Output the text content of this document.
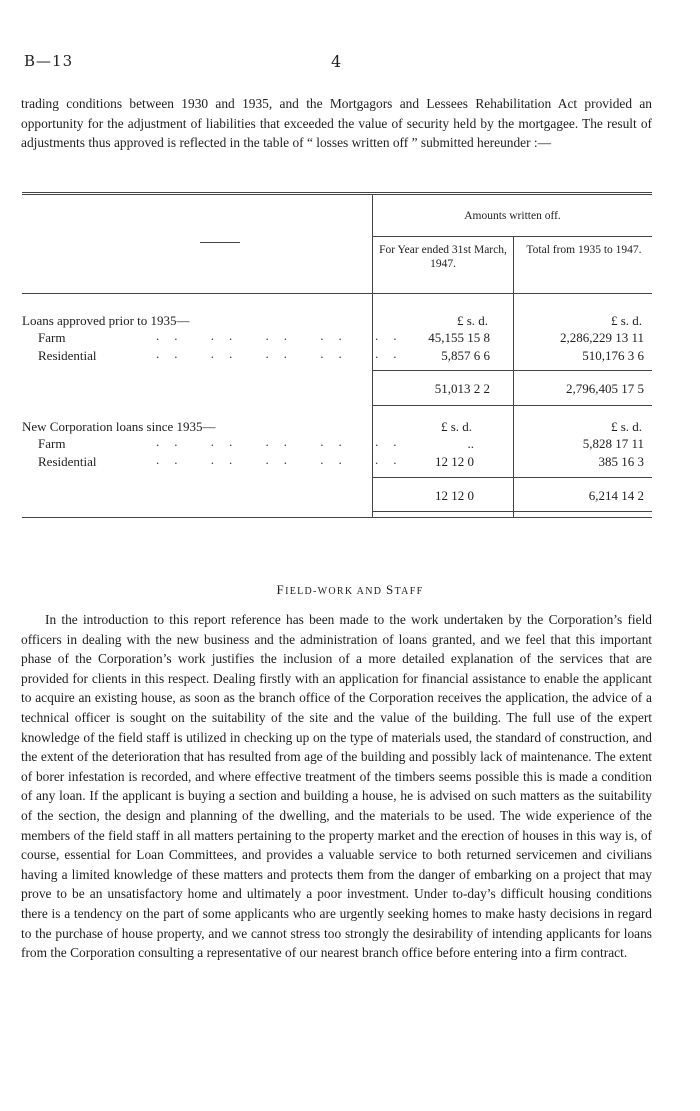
B—13	4
trading conditions between 1930 and 1935, and the Mortgagors and Lessees Rehabilitation Act provided an opportunity for the adjustment of liabilities that exceeded the value of security held by the mortgagee. The result of adjustments thus approved is reflected in the table of “ losses written off ” submitted hereunder :—
Amounts written off.
For Year ended 31st March, 1947.
Total from 1935 to 1947.
Loans approved prior to 1935—	£ s. d.	£ s. d.
Farm	.. .. .. .. ..	45,155 15 8	2,286,229 13 11
Residential	.. .. .. .. ..	5,857 6 6	510,176 3 6
51,013 2 2	2,796,405 17 5
New Corporation loans since 1935—	£ s. d.	£ s. d.
Farm	.. .. .. .. ..	..	5,828 17 11
Residential	.. .. .. .. ..	12 12 0	385 16 3
12 12 0	6,214 14 2
FIELD-WORK AND STAFF
In the introduction to this report reference has been made to the work undertaken by the Corporation’s field officers in dealing with the new business and the administration of loans granted, and we feel that this important phase of the Corporation’s work justifies the inclusion of a more detailed explanation of the services that are provided for clients in this respect. Dealing firstly with an application for financial assistance to enable the applicant to acquire an existing house, as soon as the branch office of the Corporation receives the application, the advice of a technical officer is sought on the suitability of the site and the value of the building. The full use of the expert knowledge of the field staff is utilized in checking up on the type of materials used, the standard of construction, and the extent of the deterioration that has resulted from age of the building and possibly lack of maintenance. The extent of borer infestation is recorded, and where effective treatment of the timbers seems possible this is made a condition of any loan. If the applicant is buying a section and building a house, he is advised on such matters as the suitability of the section, the design and planning of the dwelling, and the materials to be used. The wide experience of the members of the field staff in all matters pertaining to the property market and the erection of houses in this way is, of course, essential for Loan Committees, and provides a valuable service to both returned servicemen and civilians having a limited knowledge of these matters and protects them from the danger of embarking on a project that may prove to be an unsatisfactory home and ultimately a poor investment. Under to-day’s difficult housing conditions there is a tendency on the part of some applicants who are urgently seeking homes to make hasty decisions in regard to the purchase of house property, and we cannot stress too strongly the desirability of intending applicants for loans from the Corporation consulting a representative of our nearest branch office before entering into a firm contract.
